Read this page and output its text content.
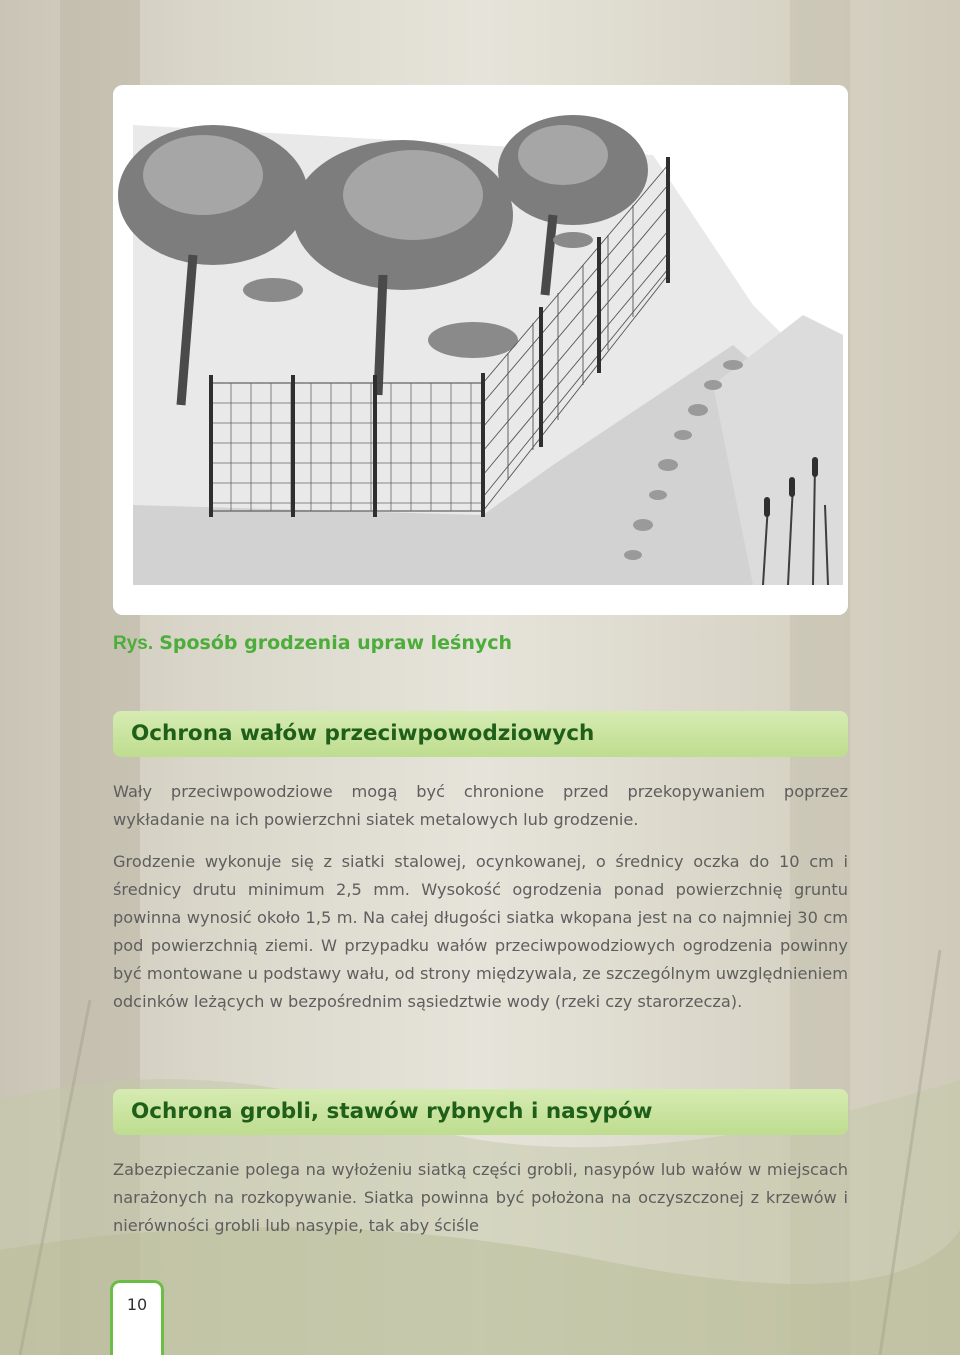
Rys. Sposób grodzenia upraw leśnych
Ochrona wałów przeciwpowodziowych

Wały przeciwpowodziowe mogą być chronione przed przekopywaniem poprzez wykładanie na ich powierzchni siatek metalowych lub grodzenie.

Grodzenie wykonuje się z siatki stalowej, ocynkowanej, o średnicy oczka do 10 cm i średnicy drutu minimum 2,5 mm. Wysokość ogrodzenia ponad powierzchnię gruntu powinna wynosić około 1,5 m. Na całej długości siatka wkopana jest na co najmniej 30 cm pod powierzchnią ziemi. W przypadku wałów przeciwpowodziowych ogrodzenia powinny być montowane u podstawy wału, od strony międzywala, ze szczególnym uwzględnieniem odcinków leżących w bezpośrednim sąsiedztwie wody (rzeki czy starorzecza).

Ochrona grobli, stawów rybnych i nasypów

Zabezpieczanie polega na wyłożeniu siatką części grobli, nasypów lub wałów w miejscach narażonych na rozkopywanie. Siatka powinna być położona na oczyszczonej z krzewów i nierówności grobli lub nasypie, tak aby ściśle

10
